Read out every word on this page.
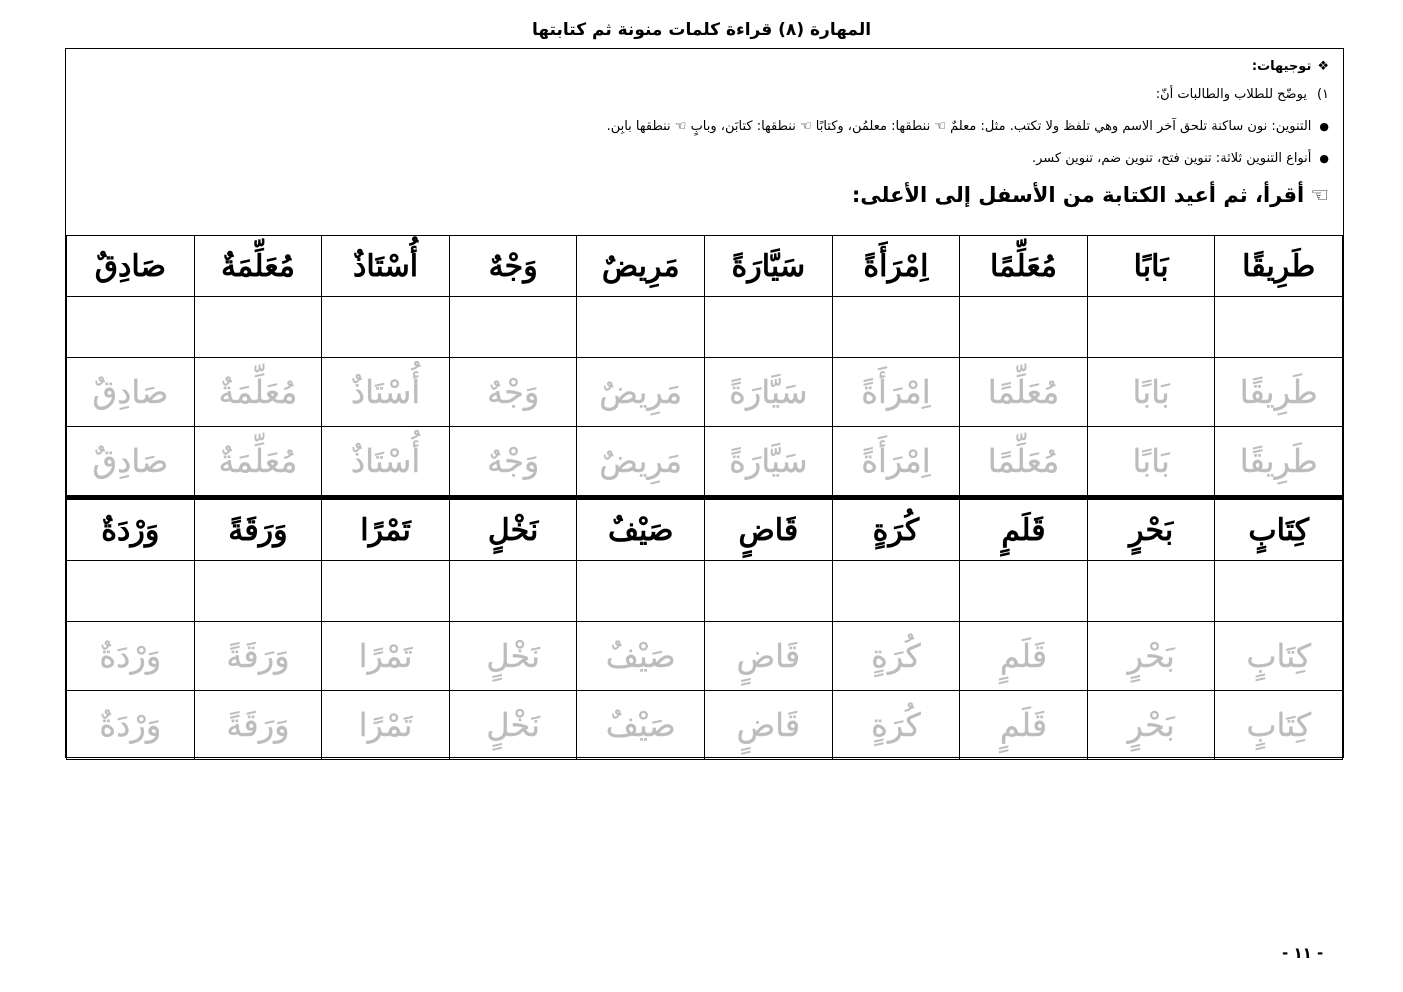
المهارة (٨) قراءة كلمات منونة ثم كتابتها
❖توجيهات:
١)يوضّح للطلاب والطالبات أنّ:
●التنوين: نون ساكنة تلحق آخر الاسم وهي تلفظ ولا تكتب. مثل: معلمٌ ☜ ننطقها: معلمُن، وكتابًا ☜ ننطقها: كتابَن، وبابٍ ☜ ننطقها بابِن.
●أنواع التنوين ثلاثة: تنوين فتح، تنوين ضم، تنوين كسر.
☜أقرأ، ثم أعيد الكتابة من الأسفل إلى الأعلى:
طَرِيقًا	بَابًا	مُعَلِّمًا	اِمْرَأَةً	سَيَّارَةً	مَرِيضٌ	وَجْهٌ	أُسْتَاذٌ	مُعَلِّمَةٌ	صَادِقٌ

طَرِيقًا	بَابًا	مُعَلِّمًا	اِمْرَأَةً	سَيَّارَةً	مَرِيضٌ	وَجْهٌ	أُسْتَاذٌ	مُعَلِّمَةٌ	صَادِقٌ
طَرِيقًا	بَابًا	مُعَلِّمًا	اِمْرَأَةً	سَيَّارَةً	مَرِيضٌ	وَجْهٌ	أُسْتَاذٌ	مُعَلِّمَةٌ	صَادِقٌ
كِتَابٍ	بَحْرٍ	قَلَمٍ	كُرَةٍ	قَاضٍ	صَيْفٌ	نَخْلٍ	تَمْرًا	وَرَقَةً	وَرْدَةٌ

كِتَابٍ	بَحْرٍ	قَلَمٍ	كُرَةٍ	قَاضٍ	صَيْفٌ	نَخْلٍ	تَمْرًا	وَرَقَةً	وَرْدَةٌ
كِتَابٍ	بَحْرٍ	قَلَمٍ	كُرَةٍ	قَاضٍ	صَيْفٌ	نَخْلٍ	تَمْرًا	وَرَقَةً	وَرْدَةٌ
- ١١ -
